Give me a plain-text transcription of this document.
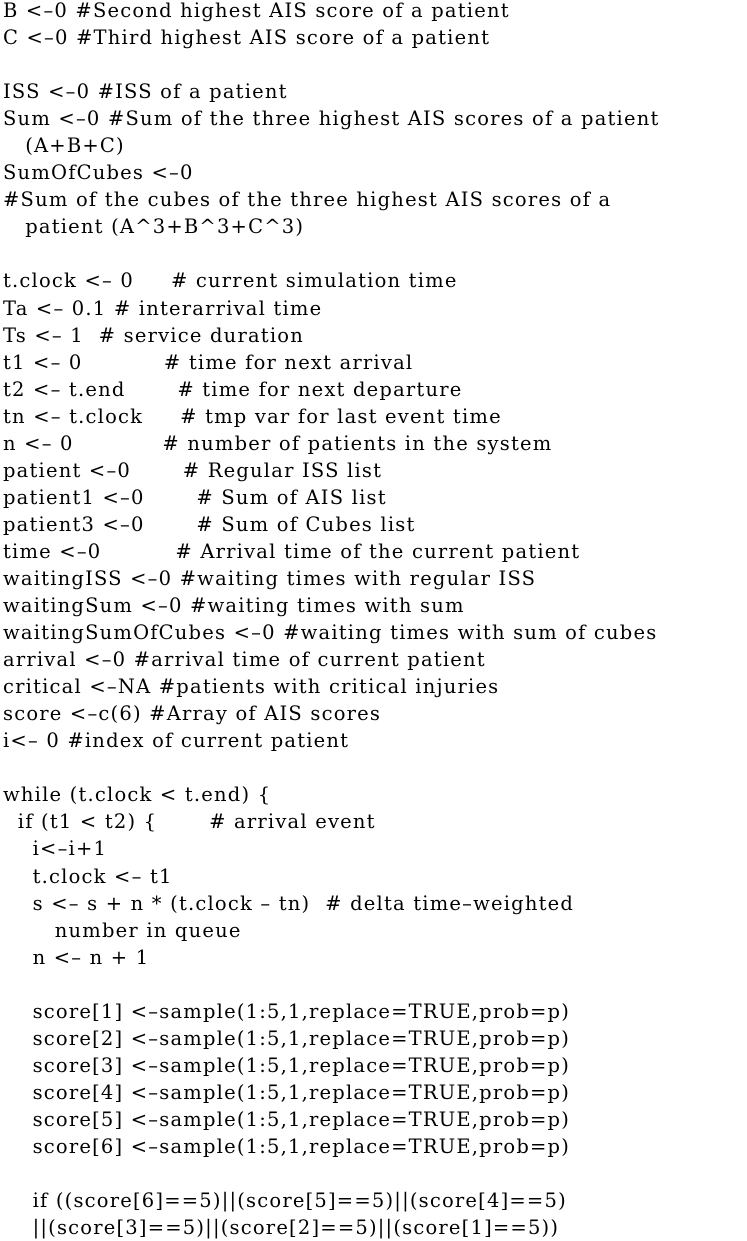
B <–0 #Second highest AIS score of a patient
C <–0 #Third highest AIS score of a patient
ISS <–0 #ISS of a patient
Sum <–0 #Sum of the three highest AIS scores of a patient
(A+B+C)
SumOfCubes <–0
#Sum of the cubes of the three highest AIS scores of a
patient (A^3+B^3+C^3)
t.clock <– 0     # current simulation time
Ta <– 0.1 # interarrival time
Ts <– 1  # service duration
t1 <– 0           # time for next arrival
t2 <– t.end       # time for next departure
tn <– t.clock     # tmp var for last event time
n <– 0            # number of patients in the system
patient <–0       # Regular ISS list
patient1 <–0       # Sum of AIS list
patient3 <–0       # Sum of Cubes list
time <–0          # Arrival time of the current patient
waitingISS <–0 #waiting times with regular ISS
waitingSum <–0 #waiting times with sum
waitingSumOfCubes <–0 #waiting times with sum of cubes
arrival <–0 #arrival time of current patient
critical <–NA #patients with critical injuries
score <–c(6) #Array of AIS scores
i<– 0 #index of current patient
while (t.clock < t.end) {
if (t1 < t2) {       # arrival event
i<–i+1
t.clock <– t1
s <– s + n * (t.clock – tn)  # delta time–weighted
number in queue
n <– n + 1
score[1] <–sample(1:5,1,replace=TRUE,prob=p)
score[2] <–sample(1:5,1,replace=TRUE,prob=p)
score[3] <–sample(1:5,1,replace=TRUE,prob=p)
score[4] <–sample(1:5,1,replace=TRUE,prob=p)
score[5] <–sample(1:5,1,replace=TRUE,prob=p)
score[6] <–sample(1:5,1,replace=TRUE,prob=p)
if ((score[6]==5)||(score[5]==5)||(score[4]==5)
||(score[3]==5)||(score[2]==5)||(score[1]==5))
